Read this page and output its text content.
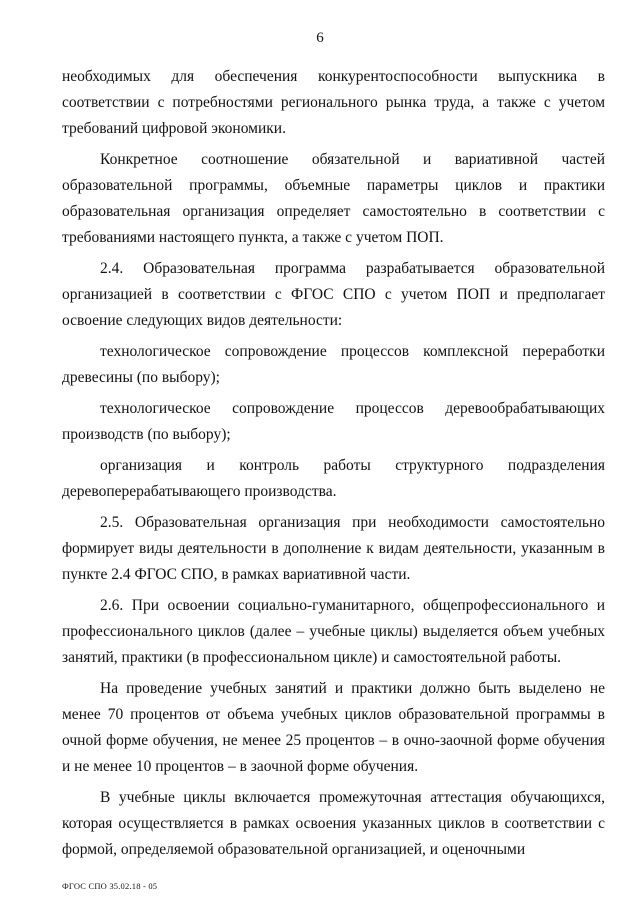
6

необходимых для обеспечения конкурентоспособности выпускника в соответствии с потребностями регионального рынка труда, а также с учетом требований цифровой экономики.

Конкретное соотношение обязательной и вариативной частей образовательной программы, объемные параметры циклов и практики образовательная организация определяет самостоятельно в соответствии с требованиями настоящего пункта, а также с учетом ПОП.

2.4. Образовательная программа разрабатывается образовательной организацией в соответствии с ФГОС СПО с учетом ПОП и предполагает освоение следующих видов деятельности:

технологическое сопровождение процессов комплексной переработки древесины (по выбору);

технологическое сопровождение процессов деревообрабатывающих производств (по выбору);

организация и контроль работы структурного подразделения деревоперерабатывающего производства.

2.5. Образовательная организация при необходимости самостоятельно формирует виды деятельности в дополнение к видам деятельности, указанным в пункте 2.4 ФГОС СПО, в рамках вариативной части.

2.6. При освоении социально-гуманитарного, общепрофессионального и профессионального циклов (далее – учебные циклы) выделяется объем учебных занятий, практики (в профессиональном цикле) и самостоятельной работы.

На проведение учебных занятий и практики должно быть выделено не менее 70 процентов от объема учебных циклов образовательной программы в очной форме обучения, не менее 25 процентов – в очно-заочной форме обучения и не менее 10 процентов – в заочной форме обучения.

В учебные циклы включается промежуточная аттестация обучающихся, которая осуществляется в рамках освоения указанных циклов в соответствии с формой, определяемой образовательной организацией, и оценочными

ФГОС СПО 35.02.18 - 05
